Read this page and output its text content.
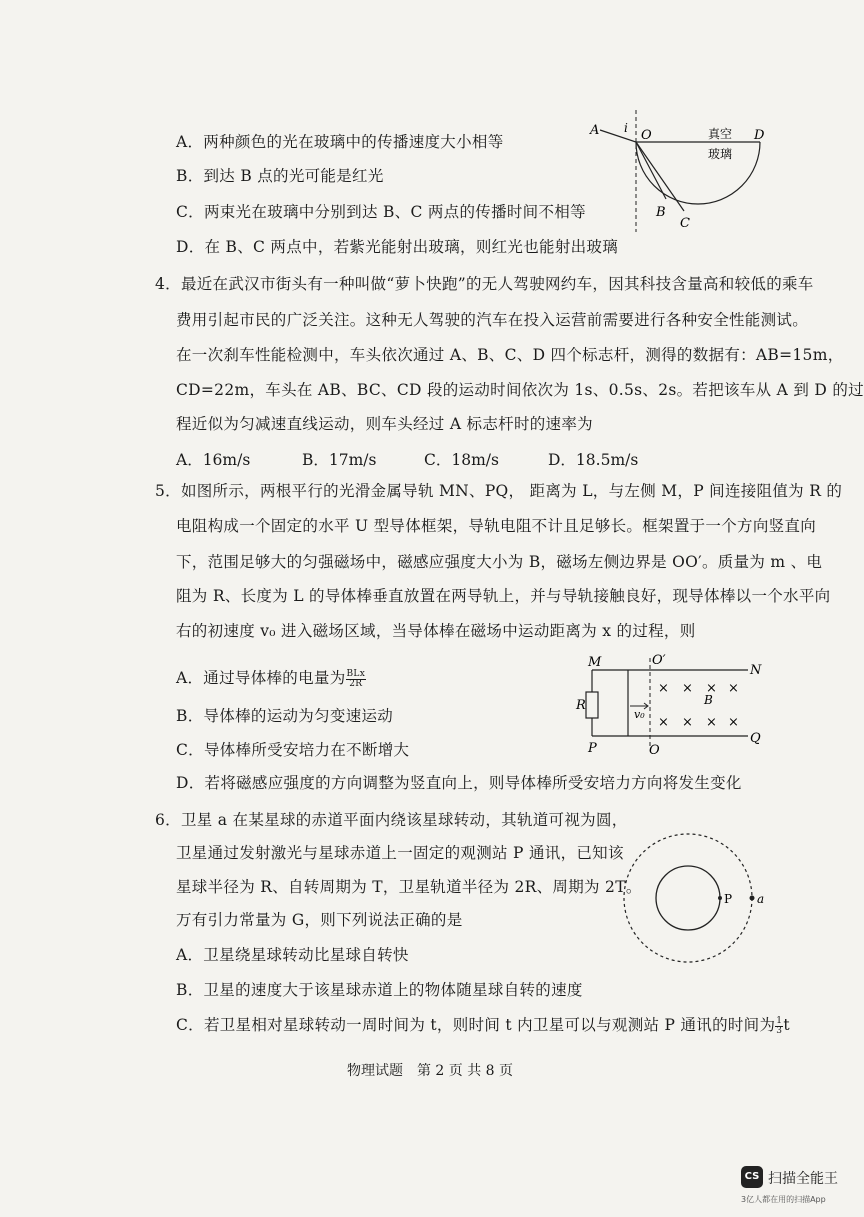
A．两种颜色的光在玻璃中的传播速度大小相等
B．到达 B 点的光可能是红光
C．两束光在玻璃中分别到达 B、C 两点的传播时间不相等
D．在 B、C 两点中，若紫光能射出玻璃，则红光也能射出玻璃
A i O	D
真空
玻璃
B
C
4．最近在武汉市街头有一种叫做“萝卜快跑”的无人驾驶网约车，因其科技含量高和较低的乘车
费用引起市民的广泛关注。这种无人驾驶的汽车在投入运营前需要进行各种安全性能测试。
在一次刹车性能检测中，车头依次通过 A、B、C、D 四个标志杆，测得的数据有：AB=15m，
CD=22m，车头在 AB、BC、CD 段的运动时间依次为 1s、0.5s、2s。若把该车从 A 到 D 的过
程近似为匀减速直线运动，则车头经过 A 标志杆时的速率为
A．16m/s	B．17m/s	C．18m/s	D．18.5m/s
5．如图所示，两根平行的光滑金属导轨 MN、PQ， 距离为 L，与左侧 M，P 间连接阻值为 R 的
电阻构成一个固定的水平 U 型导体框架，导轨电阻不计且足够长。框架置于一个方向竖直向
下，范围足够大的匀强磁场中，磁感应强度大小为 B，磁场左侧边界是 OO′。质量为 m 、电
阻为 R、长度为 L 的导体棒垂直放置在两导轨上，并与导轨接触良好，现导体棒以一个水平向
右的初速度 v₀ 进入磁场区域，当导体棒在磁场中运动距离为 x 的过程，则
A．通过导体棒的电量为 $\frac{\text{BLx}}{2R}$
B．导体棒的运动为匀变速运动
C．导体棒所受安培力在不断增大
D．若将磁感应强度的方向调整为竖直向上，则导体棒所受安培力方向将发生变化
M	O′
N
R
v₀
B
P	O
Q
× × × ×
× × × ×
6．卫星 a 在某星球的赤道平面内绕该星球转动，其轨道可视为圆，
卫星通过发射激光与星球赤道上一固定的观测站 P 通讯，已知该
星球半径为 R、自转周期为 T，卫星轨道半径为 2R、周期为 2T。
万有引力常量为 G，则下列说法正确的是
A．卫星绕星球转动比星球自转快
B．卫星的速度大于该星球赤道上的物体随星球自转的速度
C．若卫星相对星球转动一周时间为 t，则时间 t 内卫星可以与观测站 P 通讯的时间为 $\frac{1}{3}$ t
P a
物理试题　第 2 页 共 8 页
CS 扫描全能王
3亿人都在用的扫描App
